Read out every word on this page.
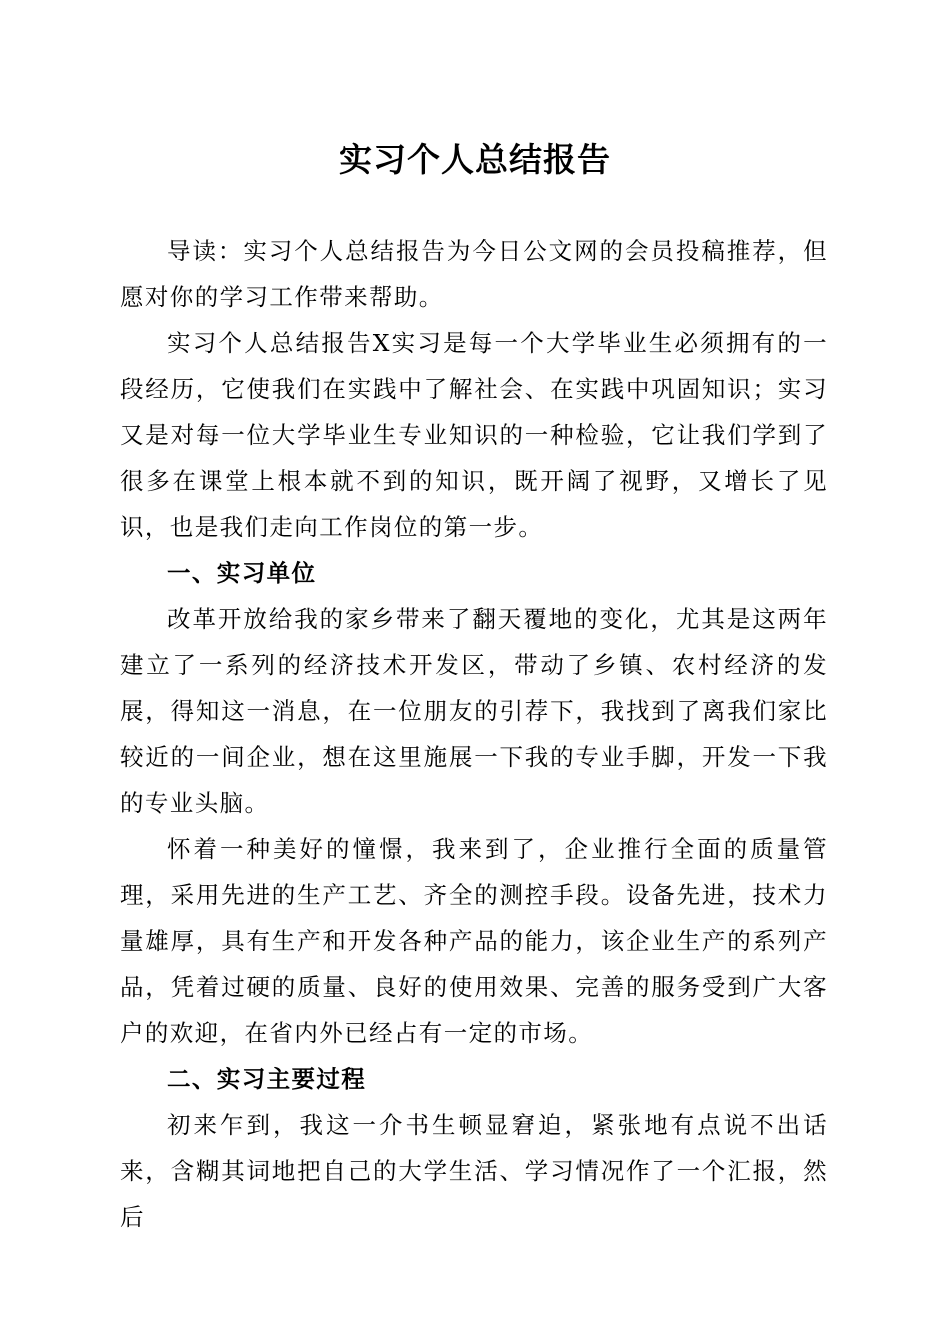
实习个人总结报告

导读：实习个人总结报告为今日公文网的会员投稿推荐，但愿对你的学习工作带来帮助。

实习个人总结报告X实习是每一个大学毕业生必须拥有的一段经历，它使我们在实践中了解社会、在实践中巩固知识；实习又是对每一位大学毕业生专业知识的一种检验，它让我们学到了很多在课堂上根本就不到的知识，既开阔了视野，又增长了见识，也是我们走向工作岗位的第一步。

一、实习单位

改革开放给我的家乡带来了翻天覆地的变化，尤其是这两年建立了一系列的经济技术开发区，带动了乡镇、农村经济的发展，得知这一消息，在一位朋友的引荐下，我找到了离我们家比较近的一间企业，想在这里施展一下我的专业手脚，开发一下我的专业头脑。

怀着一种美好的憧憬，我来到了，企业推行全面的质量管理，采用先进的生产工艺、齐全的测控手段。设备先进，技术力量雄厚，具有生产和开发各种产品的能力，该企业生产的系列产品，凭着过硬的质量、良好的使用效果、完善的服务受到广大客户的欢迎，在省内外已经占有一定的市场。

二、实习主要过程

初来乍到，我这一介书生顿显窘迫，紧张地有点说不出话来，含糊其词地把自己的大学生活、学习情况作了一个汇报，然后
